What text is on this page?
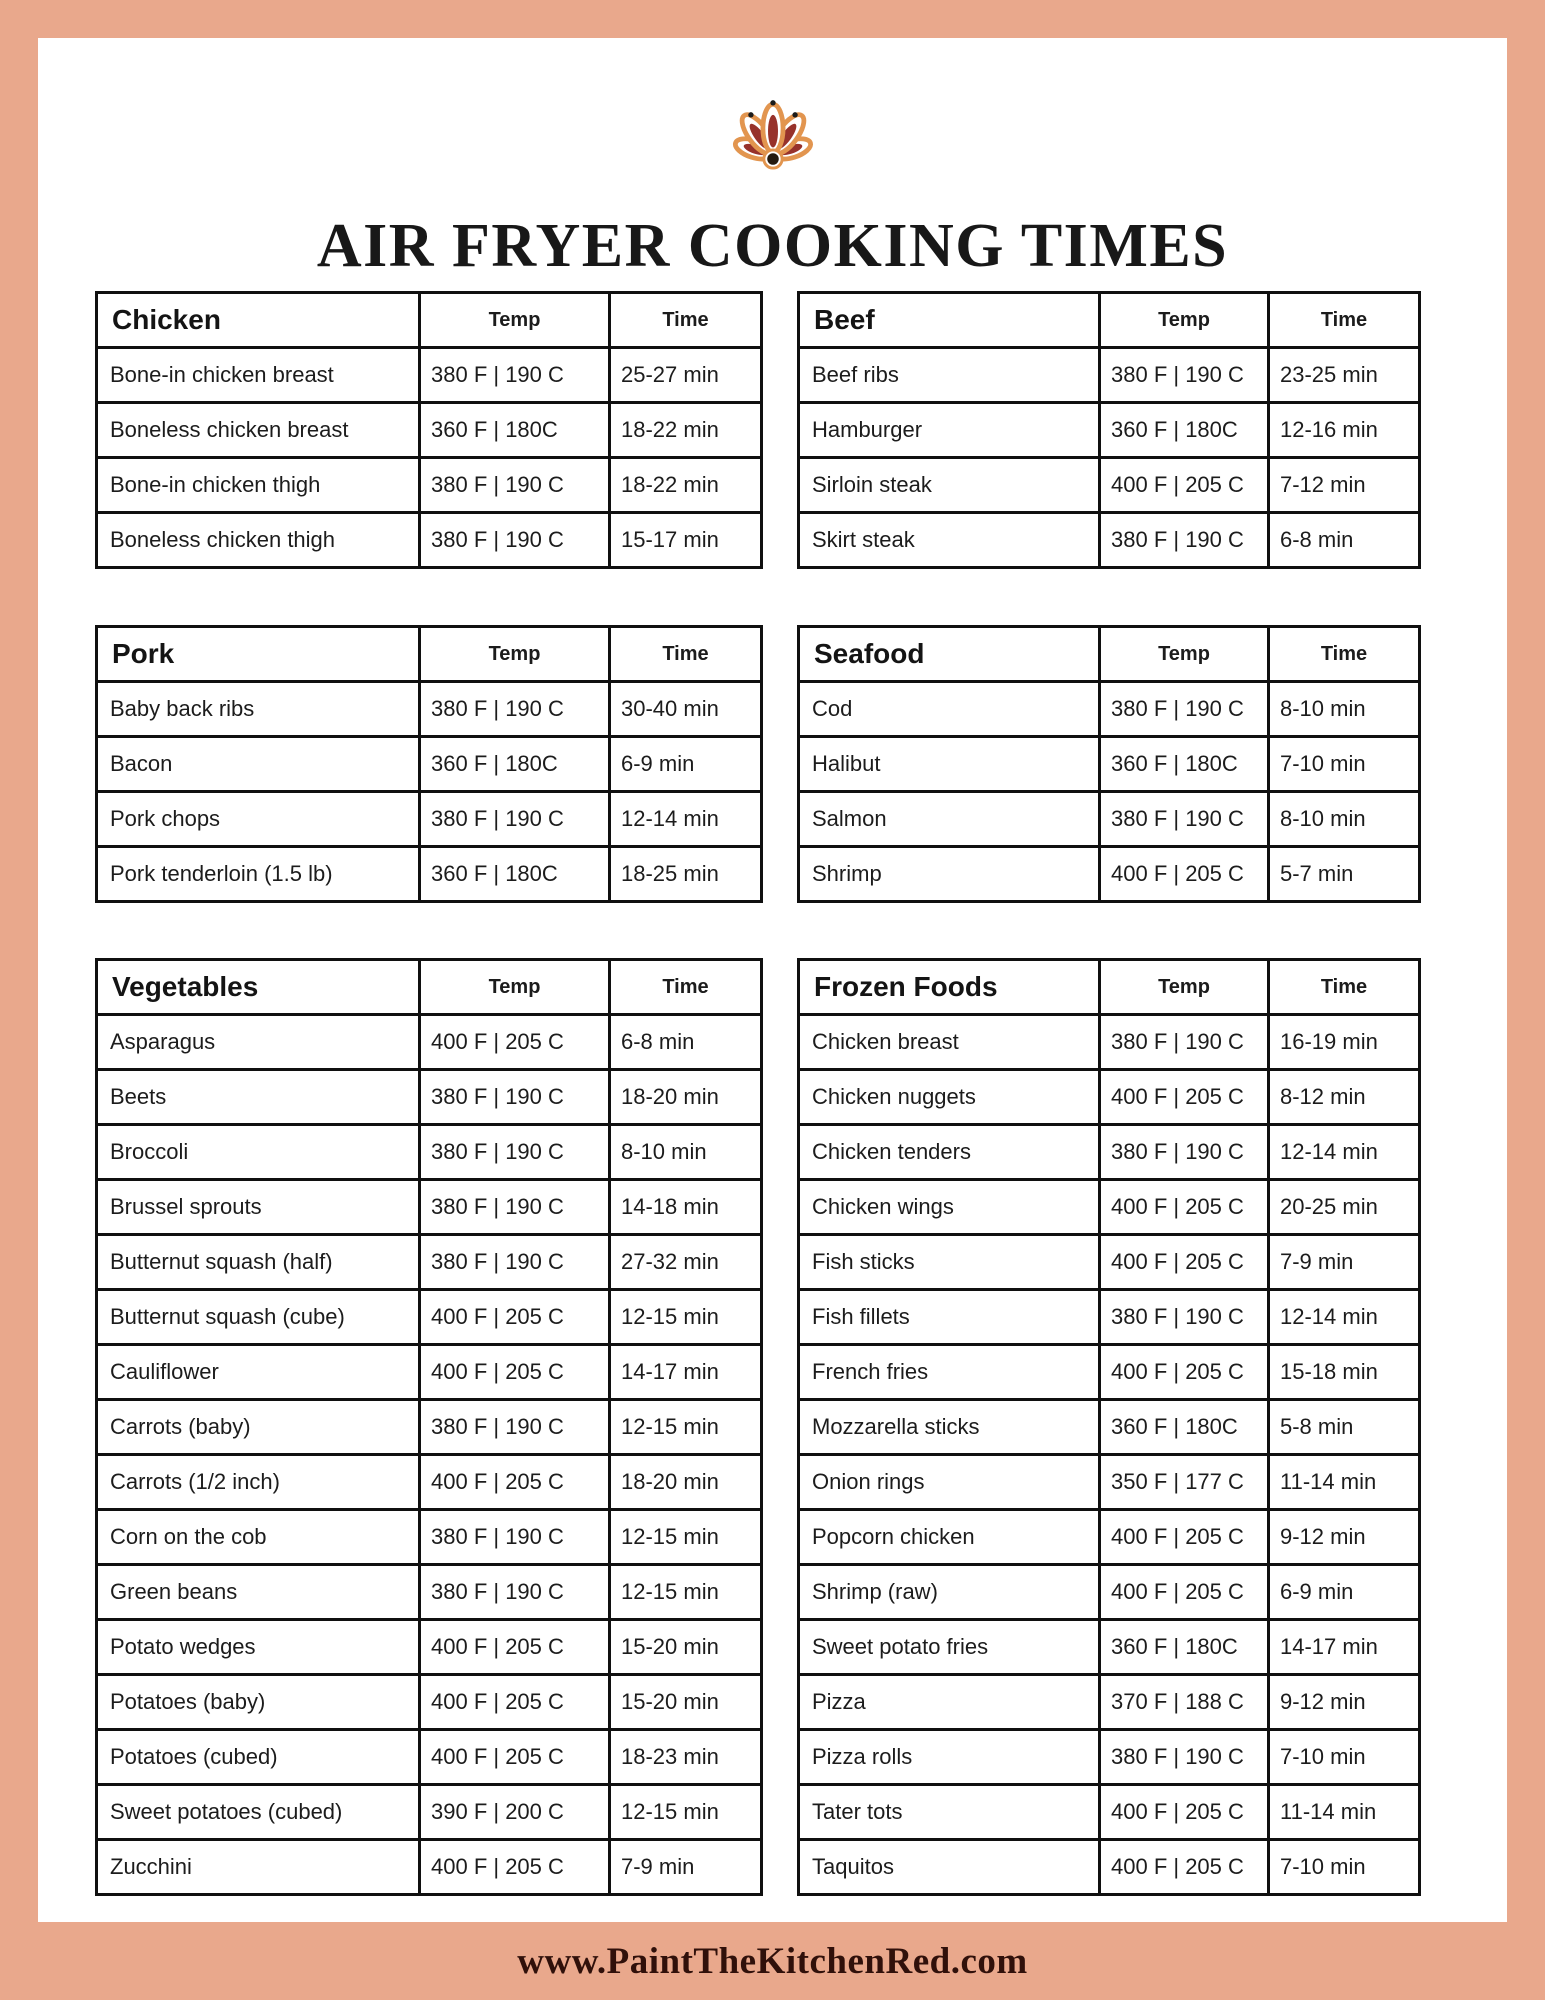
AIR FRYER COOKING TIMES
Chicken	Temp	Time
Bone-in chicken breast	380 F | 190 C	25-27 min
Boneless chicken breast	360 F | 180C	18-22 min
Bone-in chicken thigh	380 F | 190 C	18-22 min
Boneless chicken thigh	380 F | 190 C	15-17 min
Pork	Temp	Time
Baby back ribs	380 F | 190 C	30-40 min
Bacon	360 F | 180C	6-9 min
Pork chops	380 F | 190 C	12-14 min
Pork tenderloin (1.5 lb)	360 F | 180C	18-25 min
Vegetables	Temp	Time
Asparagus	400 F | 205 C	6-8 min
Beets	380 F | 190 C	18-20 min
Broccoli	380 F | 190 C	8-10 min
Brussel sprouts	380 F | 190 C	14-18 min
Butternut squash (half)	380 F | 190 C	27-32 min
Butternut squash (cube)	400 F | 205 C	12-15 min
Cauliflower	400 F | 205 C	14-17 min
Carrots (baby)	380 F | 190 C	12-15 min
Carrots (1/2 inch)	400 F | 205 C	18-20 min
Corn on the cob	380 F | 190 C	12-15 min
Green beans	380 F | 190 C	12-15 min
Potato wedges	400 F | 205 C	15-20 min
Potatoes (baby)	400 F | 205 C	15-20 min
Potatoes (cubed)	400 F | 205 C	18-23 min
Sweet potatoes (cubed)	390 F | 200 C	12-15 min
Zucchini	400 F | 205 C	7-9 min
Beef	Temp	Time
Beef ribs	380 F | 190 C	23-25 min
Hamburger	360 F | 180C	12-16 min
Sirloin steak	400 F | 205 C	7-12 min
Skirt steak	380 F | 190 C	6-8 min
Seafood	Temp	Time
Cod	380 F | 190 C	8-10 min
Halibut	360 F | 180C	7-10 min
Salmon	380 F | 190 C	8-10 min
Shrimp	400 F | 205 C	5-7 min
Frozen Foods	Temp	Time
Chicken breast	380 F | 190 C	16-19 min
Chicken nuggets	400 F | 205 C	8-12 min
Chicken tenders	380 F | 190 C	12-14 min
Chicken wings	400 F | 205 C	20-25 min
Fish sticks	400 F | 205 C	7-9 min
Fish fillets	380 F | 190 C	12-14 min
French fries	400 F | 205 C	15-18 min
Mozzarella sticks	360 F | 180C	5-8 min
Onion rings	350 F | 177 C	11-14 min
Popcorn chicken	400 F | 205 C	9-12 min
Shrimp (raw)	400 F | 205 C	6-9 min
Sweet potato fries	360 F | 180C	14-17 min
Pizza	370 F | 188 C	9-12 min
Pizza rolls	380 F | 190 C	7-10 min
Tater tots	400 F | 205 C	11-14 min
Taquitos	400 F | 205 C	7-10 min
www.PaintTheKitchenRed.com
